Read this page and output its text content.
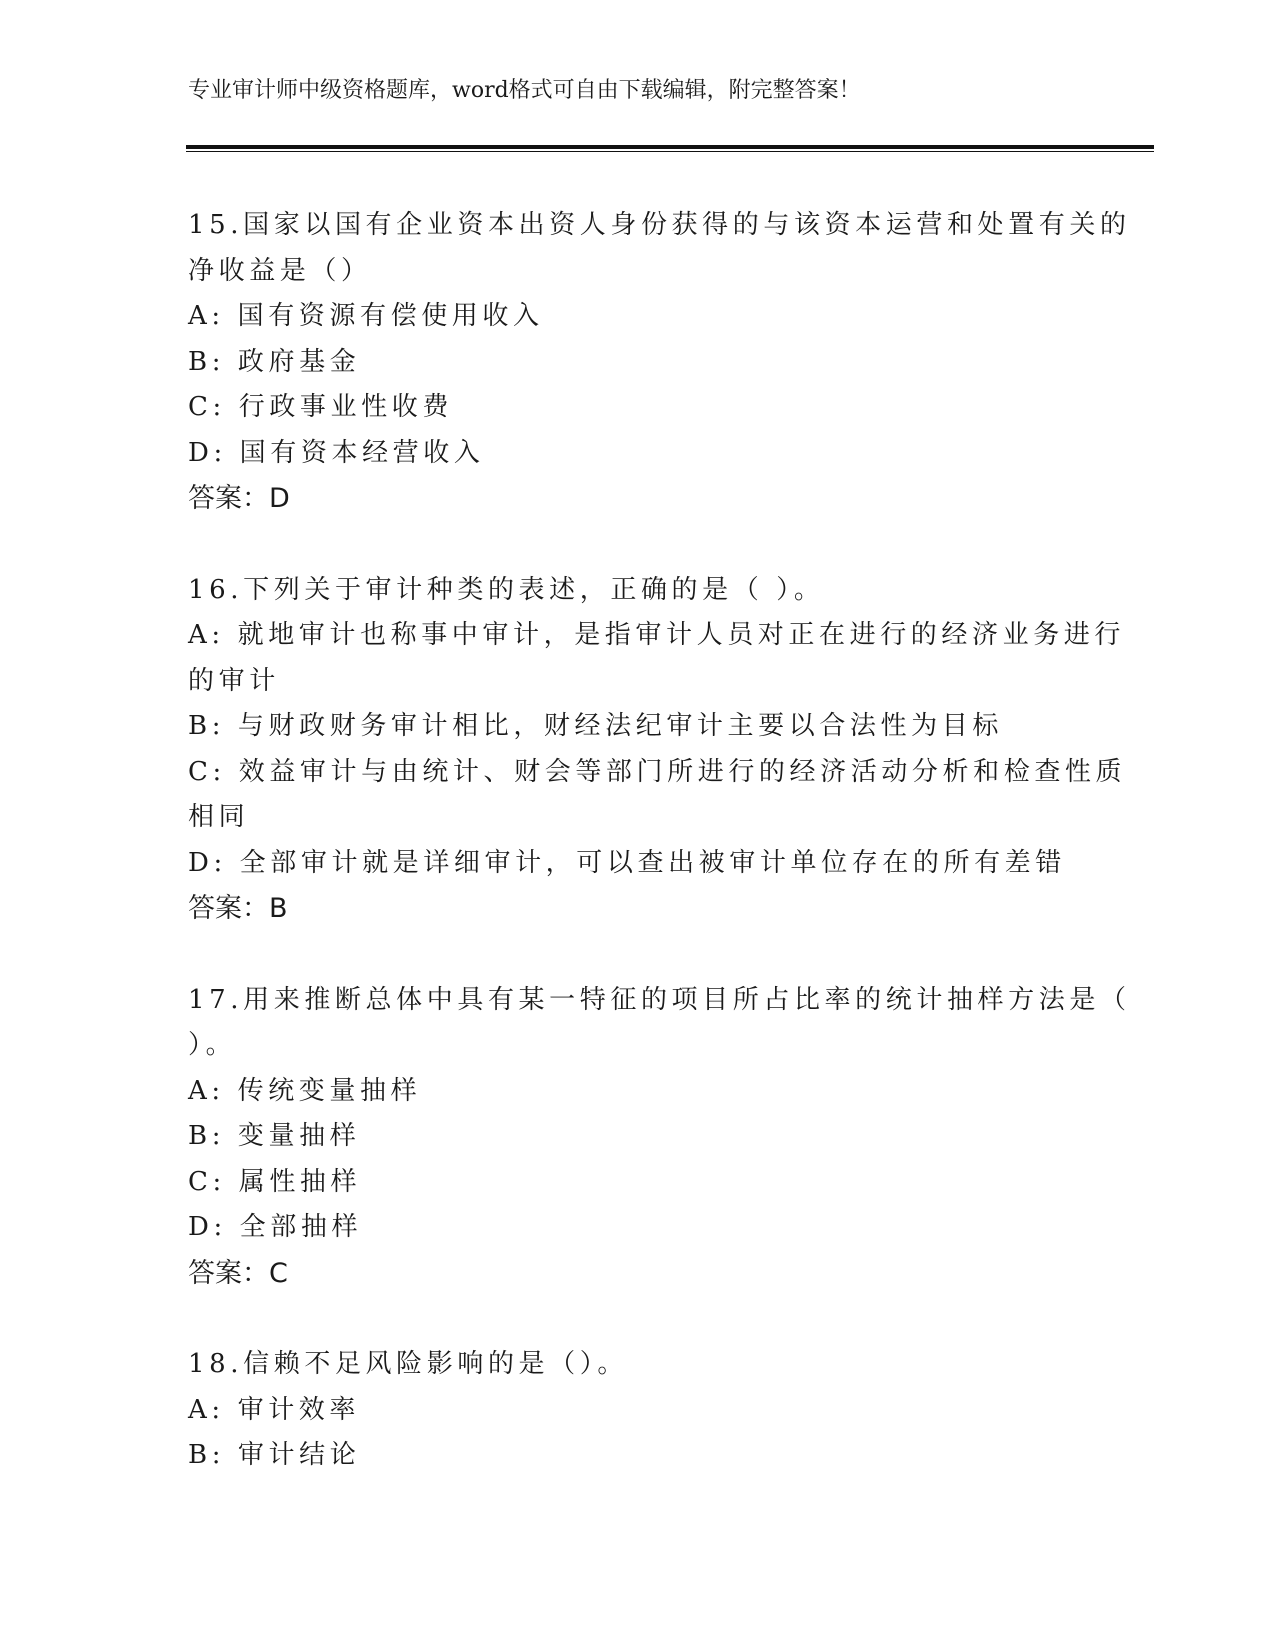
专业审计师中级资格题库，word格式可自由下载编辑，附完整答案！
15.国家以国有企业资本出资人身份获得的与该资本运营和处置有关的
净收益是（）
A: 国有资源有偿使用收入
B: 政府基金
C: 行政事业性收费
D: 国有资本经营收入
答案：D
16.下列关于审计种类的表述，正确的是（ ）。
A: 就地审计也称事中审计，是指审计人员对正在进行的经济业务进行
的审计
B: 与财政财务审计相比，财经法纪审计主要以合法性为目标
C: 效益审计与由统计、财会等部门所进行的经济活动分析和检查性质
相同
D: 全部审计就是详细审计，可以查出被审计单位存在的所有差错
答案：B
17.用来推断总体中具有某一特征的项目所占比率的统计抽样方法是（
）。
A: 传统变量抽样
B: 变量抽样
C: 属性抽样
D: 全部抽样
答案：C
18.信赖不足风险影响的是（）。
A: 审计效率
B: 审计结论
